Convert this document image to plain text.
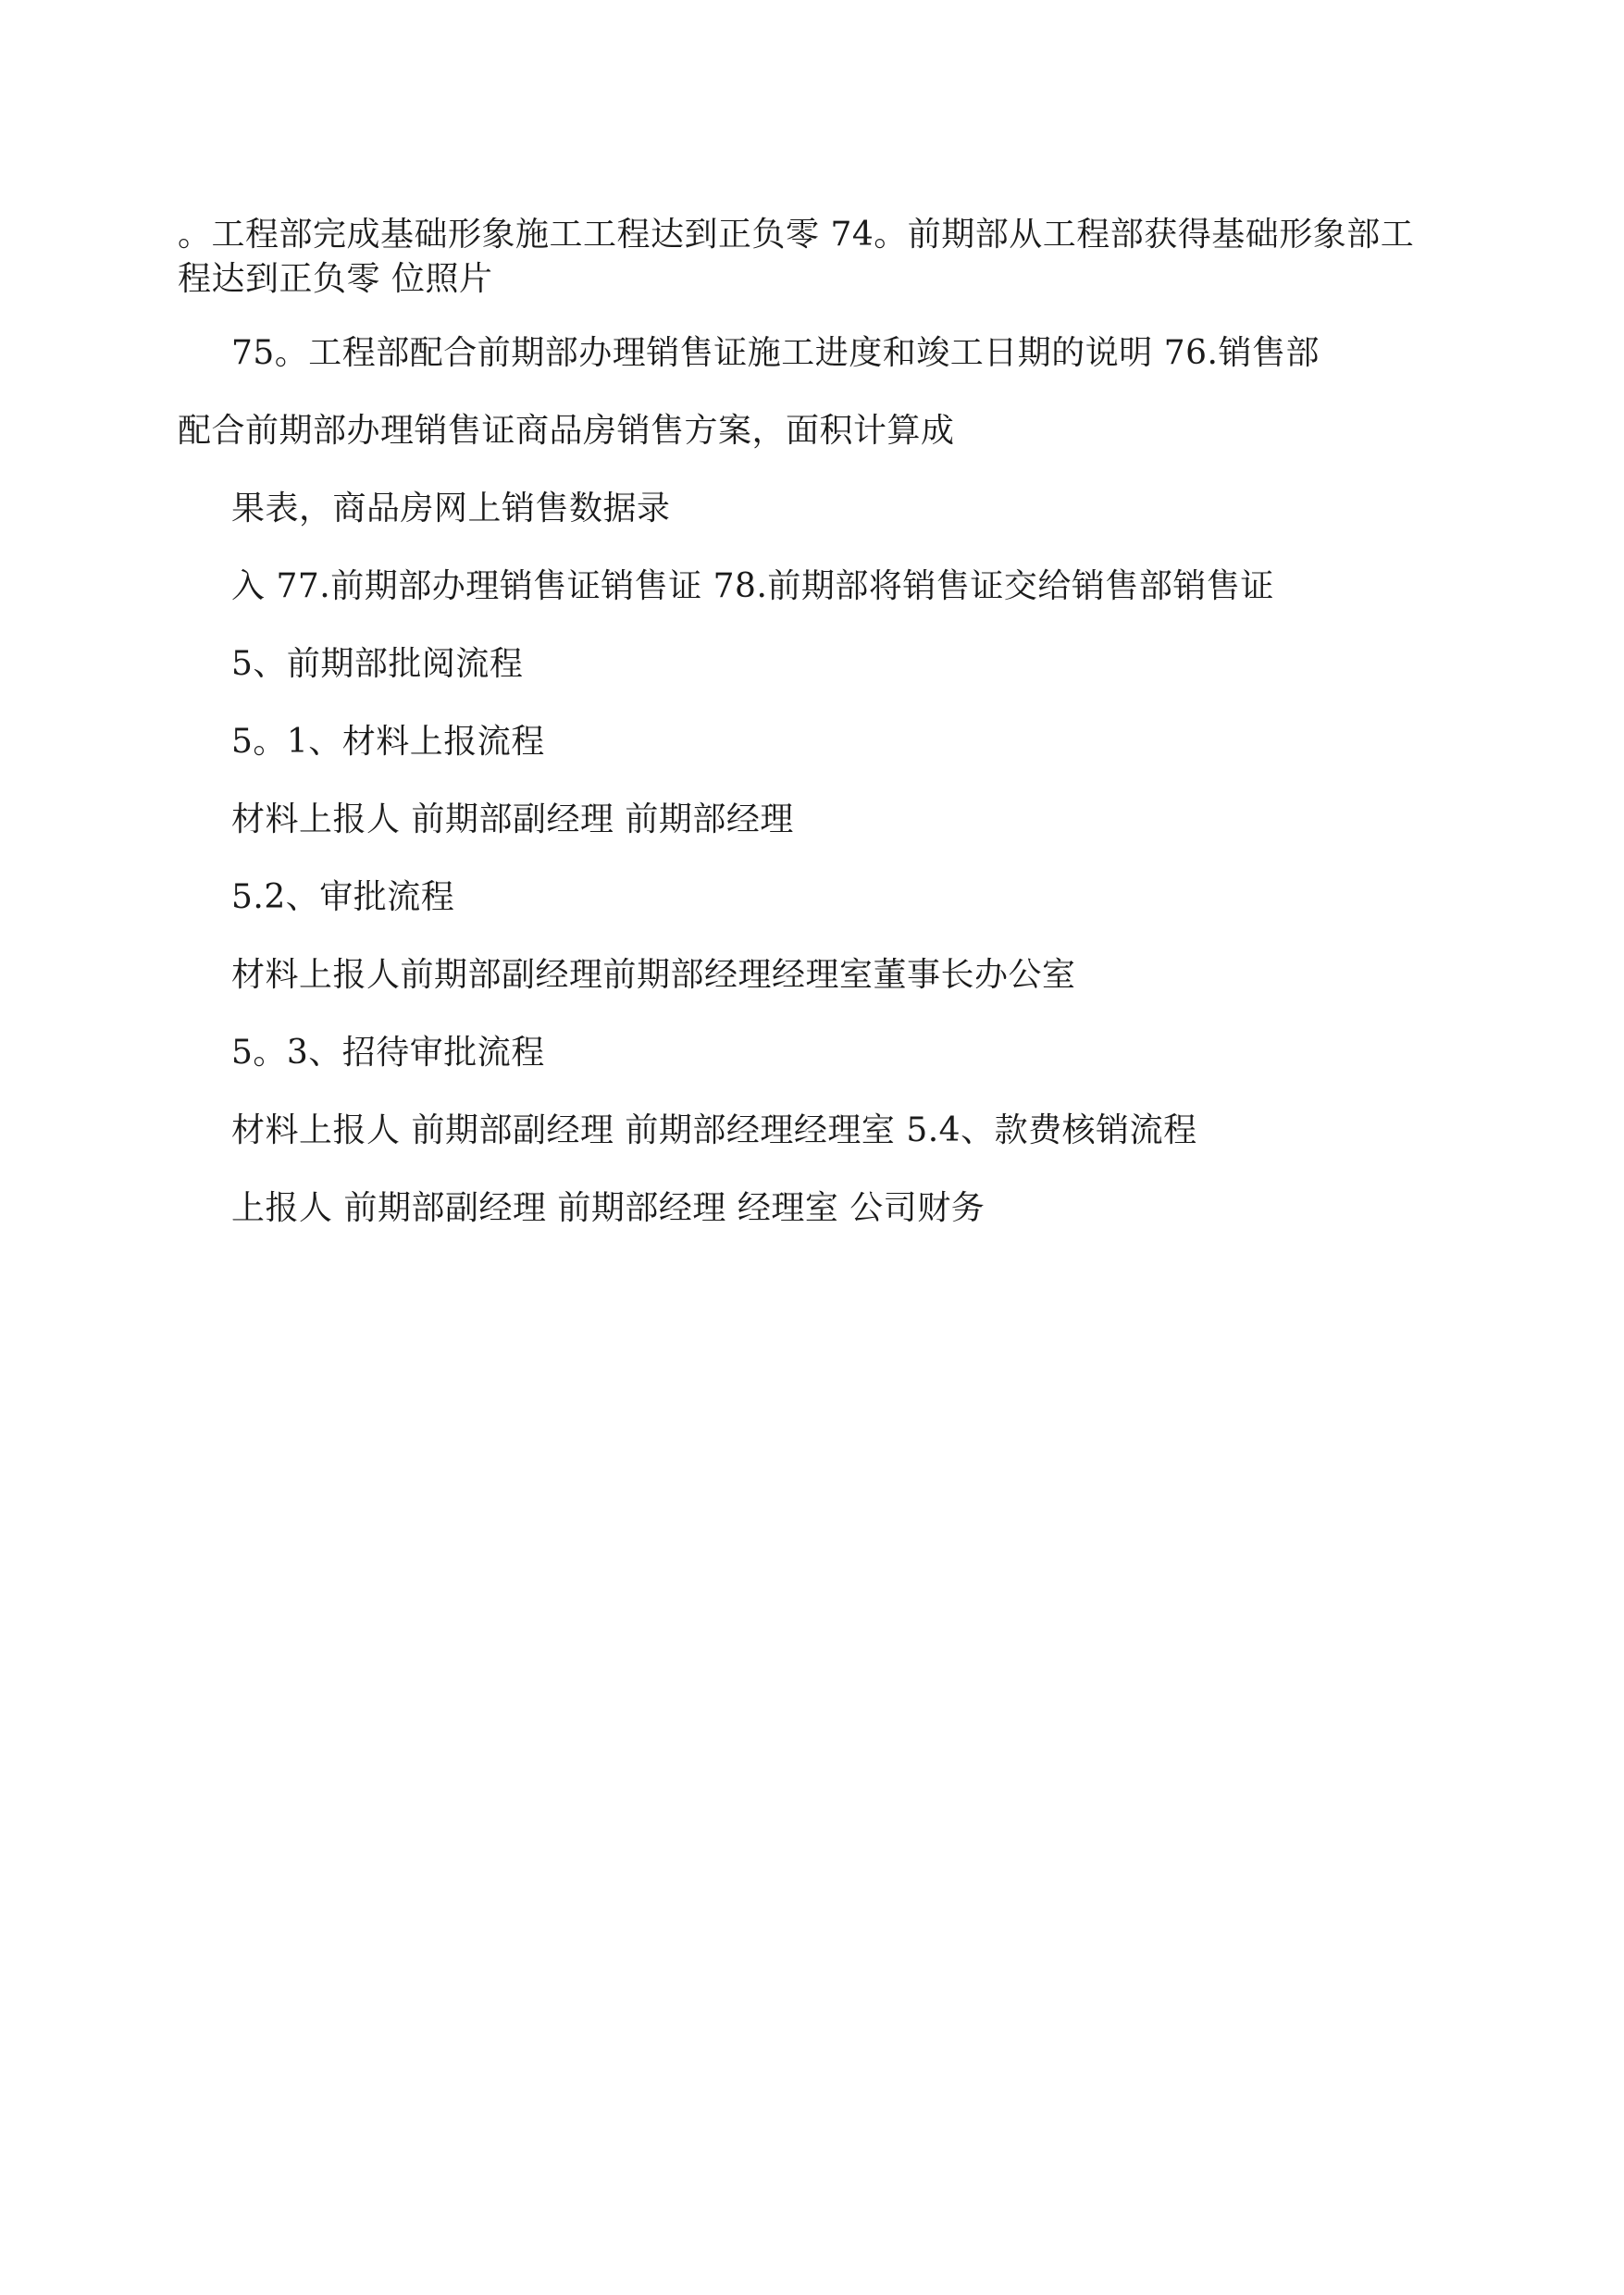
。工程部完成基础形象施工工程达到正负零 74。前期部从工程部获得基础形象部工
程达到正负零 位照片
75。工程部配合前期部办理销售证施工进度和竣工日期的说明 76.销售部
配合前期部办理销售证商品房销售方案，面积计算成
果表，商品房网上销售数据录
入 77.前期部办理销售证销售证 78.前期部将销售证交给销售部销售证
5、前期部批阅流程
5。1、材料上报流程
材料上报人 前期部副经理 前期部经理
5.2、审批流程
材料上报人前期部副经理前期部经理经理室董事长办公室
5。3、招待审批流程
材料上报人 前期部副经理 前期部经理经理室 5.4、款费核销流程
上报人 前期部副经理 前期部经理 经理室 公司财务
